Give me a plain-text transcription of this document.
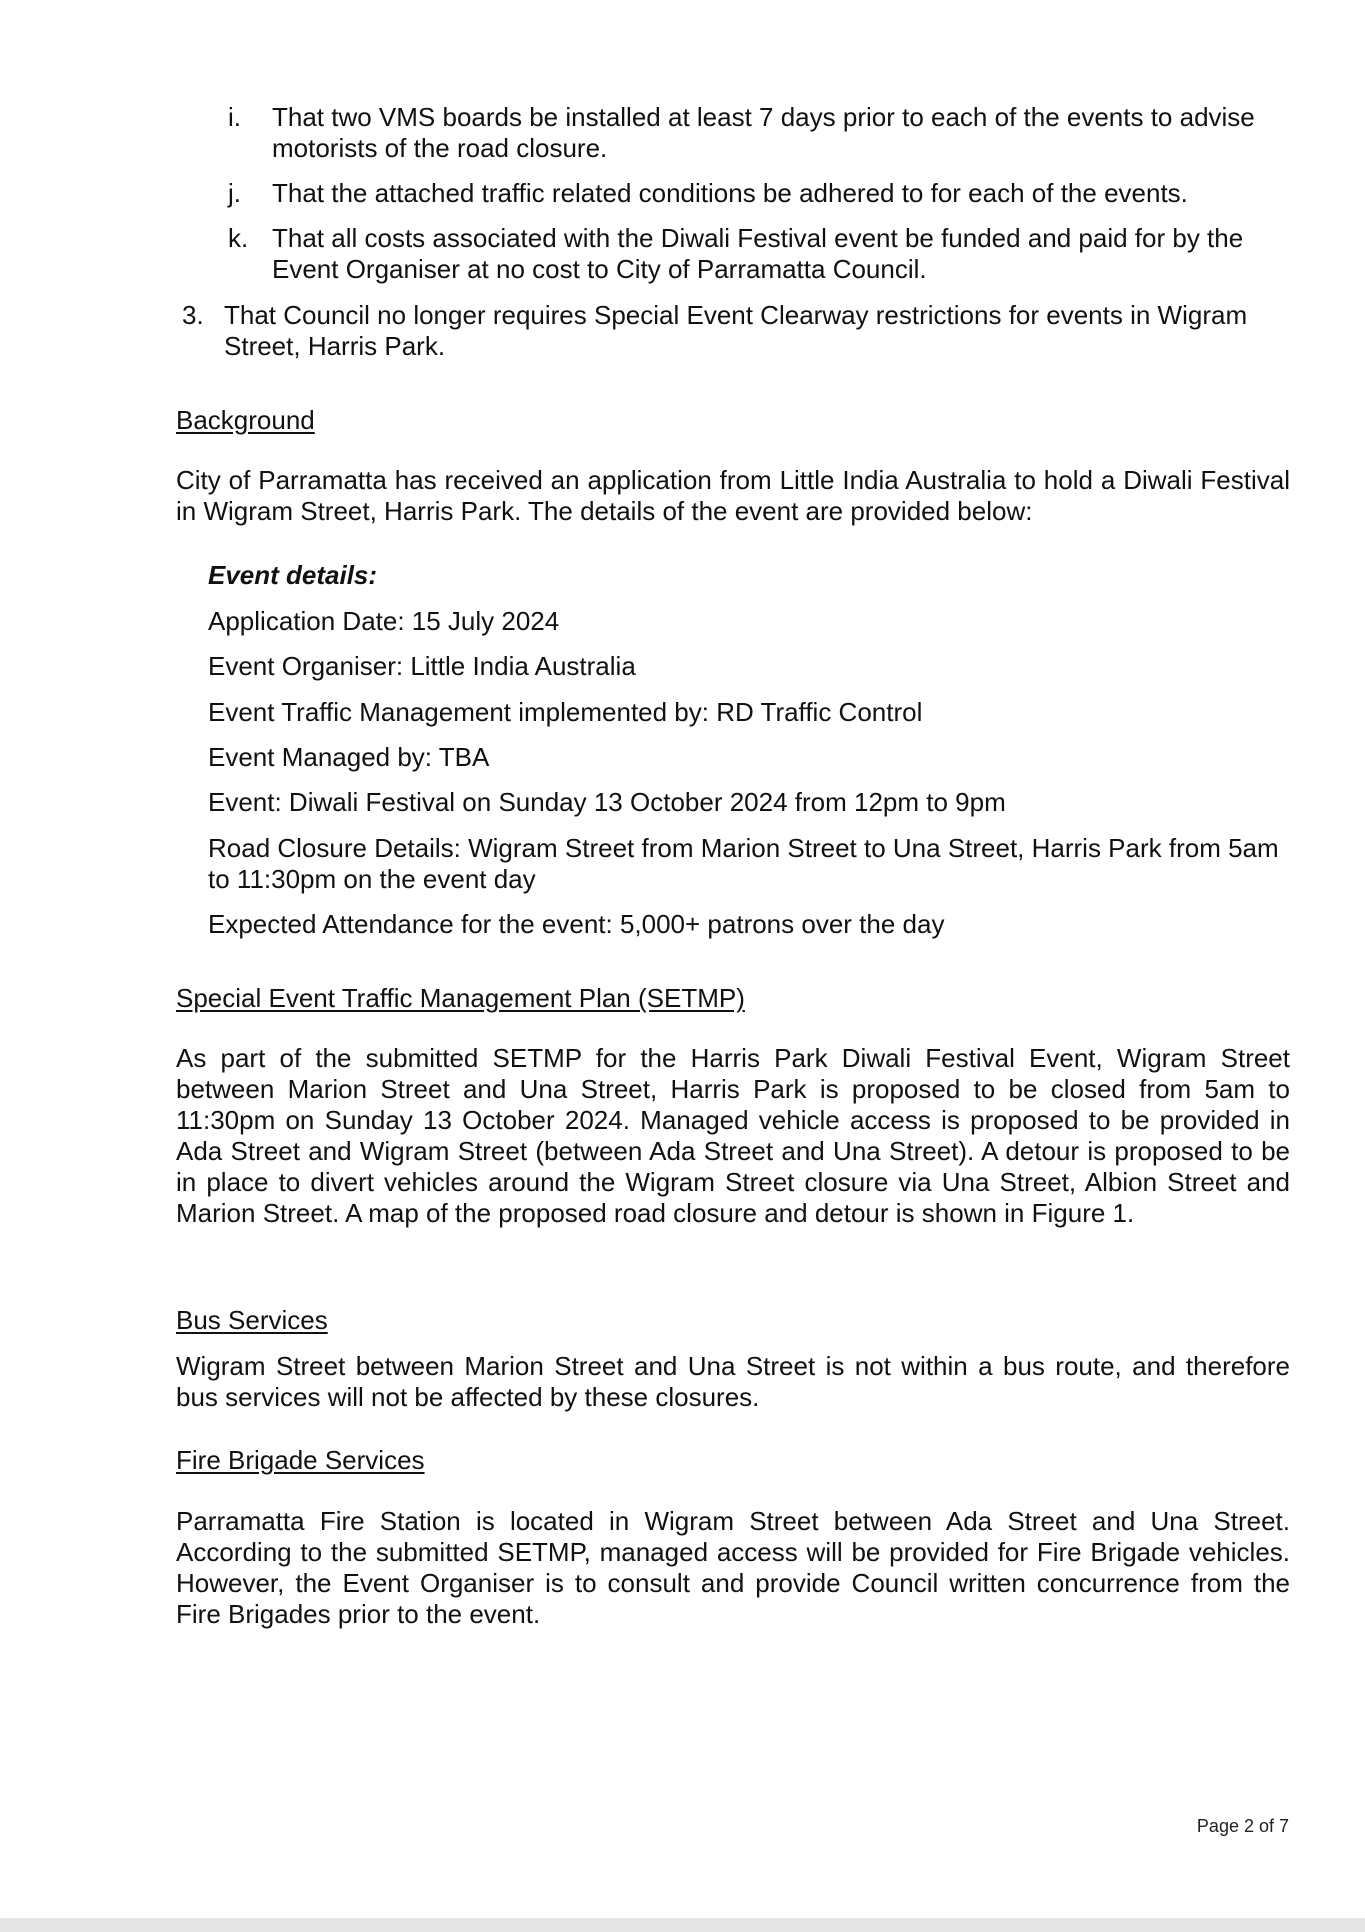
i.	That two VMS boards be installed at least 7 days prior to each of the events to advise motorists of the road closure.
j.	That the attached traffic related conditions be adhered to for each of the events.
k. That all costs associated with the Diwali Festival event be funded and paid for by the Event Organiser at no cost to City of Parramatta Council.
3. That Council no longer requires Special Event Clearway restrictions for events in Wigram Street, Harris Park.
Background
City of Parramatta has received an application from Little India Australia to hold a Diwali Festival in Wigram Street, Harris Park. The details of the event are provided below:
Event details:
Application Date: 15 July 2024
Event Organiser: Little India Australia
Event Traffic Management implemented by: RD Traffic Control
Event Managed by: TBA
Event: Diwali Festival on Sunday 13 October 2024 from 12pm to 9pm
Road Closure Details: Wigram Street from Marion Street to Una Street, Harris Park from 5am to 11:30pm on the event day
Expected Attendance for the event: 5,000+ patrons over the day
Special Event Traffic Management Plan (SETMP)
As part of the submitted SETMP for the Harris Park Diwali Festival Event, Wigram Street between Marion Street and Una Street, Harris Park is proposed to be closed from 5am to 11:30pm on Sunday 13 October 2024. Managed vehicle access is proposed to be provided in Ada Street and Wigram Street (between Ada Street and Una Street). A detour is proposed to be in place to divert vehicles around the Wigram Street closure via Una Street, Albion Street and Marion Street. A map of the proposed road closure and detour is shown in Figure 1.
Bus Services
Wigram Street between Marion Street and Una Street is not within a bus route, and therefore bus services will not be affected by these closures.
Fire Brigade Services
Parramatta Fire Station is located in Wigram Street between Ada Street and Una Street. According to the submitted SETMP, managed access will be provided for Fire Brigade vehicles. However, the Event Organiser is to consult and provide Council written concurrence from the Fire Brigades prior to the event.
Page 2 of 7
